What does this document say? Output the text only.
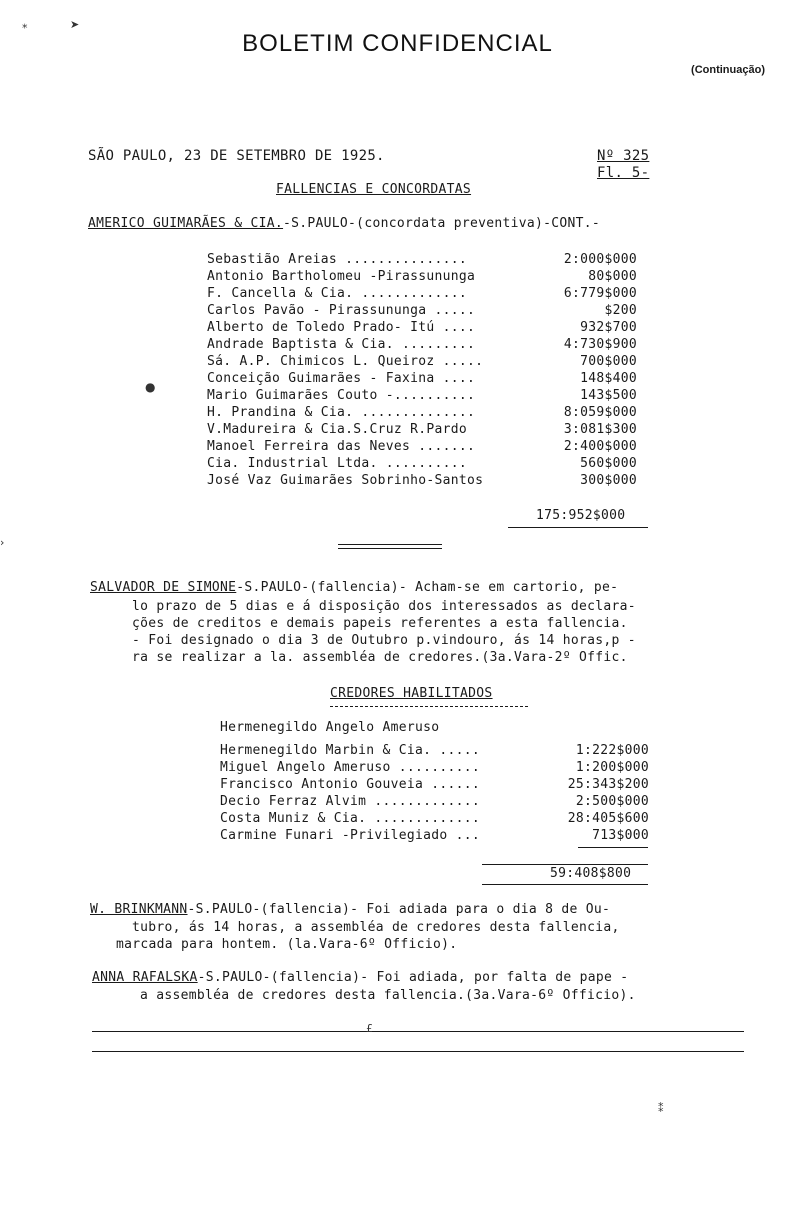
BOLETIM CONFIDENCIAL
(Continuação)
SÃO PAULO, 23 DE SETEMBRO DE 1925.	Nº 325
Fl. 5-
FALLENCIAS E CONCORDATAS
AMERICO GUIMARÃES & CIA.-S.PAULO-(concordata preventiva)-CONT.-
Sebastião Areias ...............	2:000$000
Antonio Bartholomeu -Pirassununga	80$000
F. Cancella & Cia. .............	6:779$000
Carlos Pavão - Pirassununga .....	$200
Alberto de Toledo Prado- Itú ....	932$700
Andrade Baptista & Cia. .........	4:730$900
Sá. A.P. Chimicos L. Queiroz .....	700$000
Conceição Guimarães - Faxina ....	148$400
Mario Guimarães Couto -..........	143$500
H. Prandina & Cia. ..............	8:059$000
V.Madureira & Cia.S.Cruz R.Pardo	3:081$300
Manoel Ferreira das Neves .......	2:400$000
Cia. Industrial Ltda. ..........	560$000
José Vaz Guimarães Sobrinho-Santos	300$000
175:952$000
SALVADOR DE SIMONE-S.PAULO-(fallencia)- Acham-se em cartorio, pe-
lo prazo de 5 dias e á disposição dos interessados as declara-
ções de creditos e demais papeis referentes a esta fallencia.
- Foi designado o dia 3 de Outubro p.vindouro, ás 14 horas,p -
ra se realizar a la. assembléa de credores.(3a.Vara-2º Offic.
CREDORES HABILITADOS
Hermenegildo Angelo Ameruso
Hermenegildo Marbin & Cia. .....	1:222$000
Miguel Angelo Ameruso ..........	1:200$000
Francisco Antonio Gouveia ......	25:343$200
Decio Ferraz Alvim .............	2:500$000
Costa Muniz & Cia. .............	28:405$600
Carmine Funari -Privilegiado ...	713$000
59:408$800
W. BRINKMANN-S.PAULO-(fallencia)- Foi adiada para o dia 8 de Ou-
tubro, ás 14 horas, a assembléa de credores desta fallencia,
marcada para hontem. (la.Vara-6º Officio).
ANNA RAFALSKA-S.PAULO-(fallencia)- Foi adiada, por falta de pape -
a assembléa de credores desta fallencia.(3a.Vara-6º Officio).
⁎	➤
●
›
⁑
£
